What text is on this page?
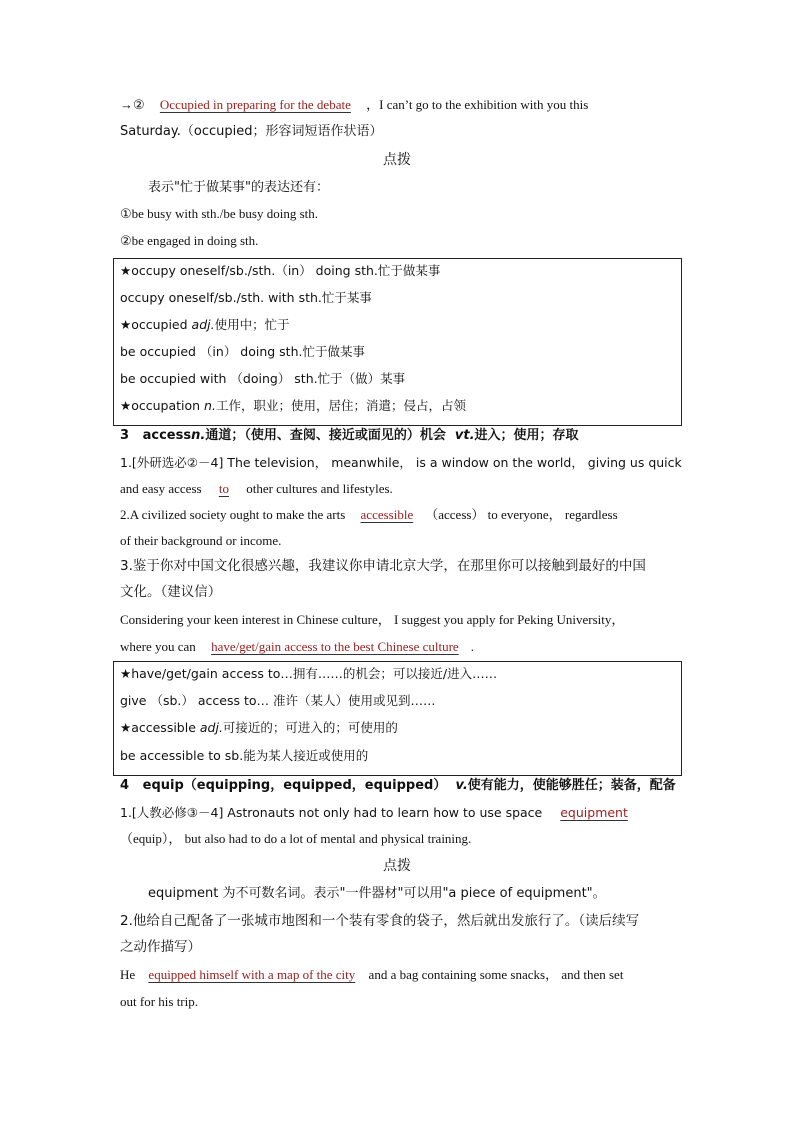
→② Occupied in preparing for the debate ，I can’t go to the exhibition with you this
Saturday.（occupied；形容词短语作状语）
点拨
表示"忙于做某事"的表达还有：
①be busy with sth./be busy doing sth.
②be engaged in doing sth.
★occupy oneself/sb./sth.（in） doing sth.忙于做某事
occupy oneself/sb./sth. with sth.忙于某事
★occupied adj.使用中；忙于
be occupied （in） doing sth.忙于做某事
be occupied with （doing） sth.忙于（做）某事
★occupation n.工作，职业；使用，居住；消遣；侵占，占领
3 accessn.通道；（使用、查阅、接近或面见的）机会 vt.进入；使用；存取
1.[外研选必②－4] The television， meanwhile， is a window on the world， giving us quick
and easy access to other cultures and lifestyles.
2.A civilized society ought to make the arts accessible （access） to everyone， regardless
of their background or income.
3.鉴于你对中国文化很感兴趣，我建议你申请北京大学，在那里你可以接触到最好的中国
文化。（建议信）
Considering your keen interest in Chinese culture， I suggest you apply for Peking University，
where you can have/get/gain access to the best Chinese culture .
★have/get/gain access to…拥有……的机会；可以接近/进入……
give （sb.） access to… 准许（某人）使用或见到……
★accessible adj.可接近的；可进入的；可使用的
be accessible to sb.能为某人接近或使用的
4 equip（equipping，equipped，equipped） v.使有能力，使能够胜任；装备，配备
1.[人教必修③－4] Astronauts not only had to learn how to use space equipment
（equip）， but also had to do a lot of mental and physical training.
点拨
equipment 为不可数名词。表示"一件器材"可以用"a piece of equipment"。
2.他给自己配备了一张城市地图和一个装有零食的袋子，然后就出发旅行了。（读后续写
之动作描写）
He equipped himself with a map of the city and a bag containing some snacks， and then set
out for his trip.
